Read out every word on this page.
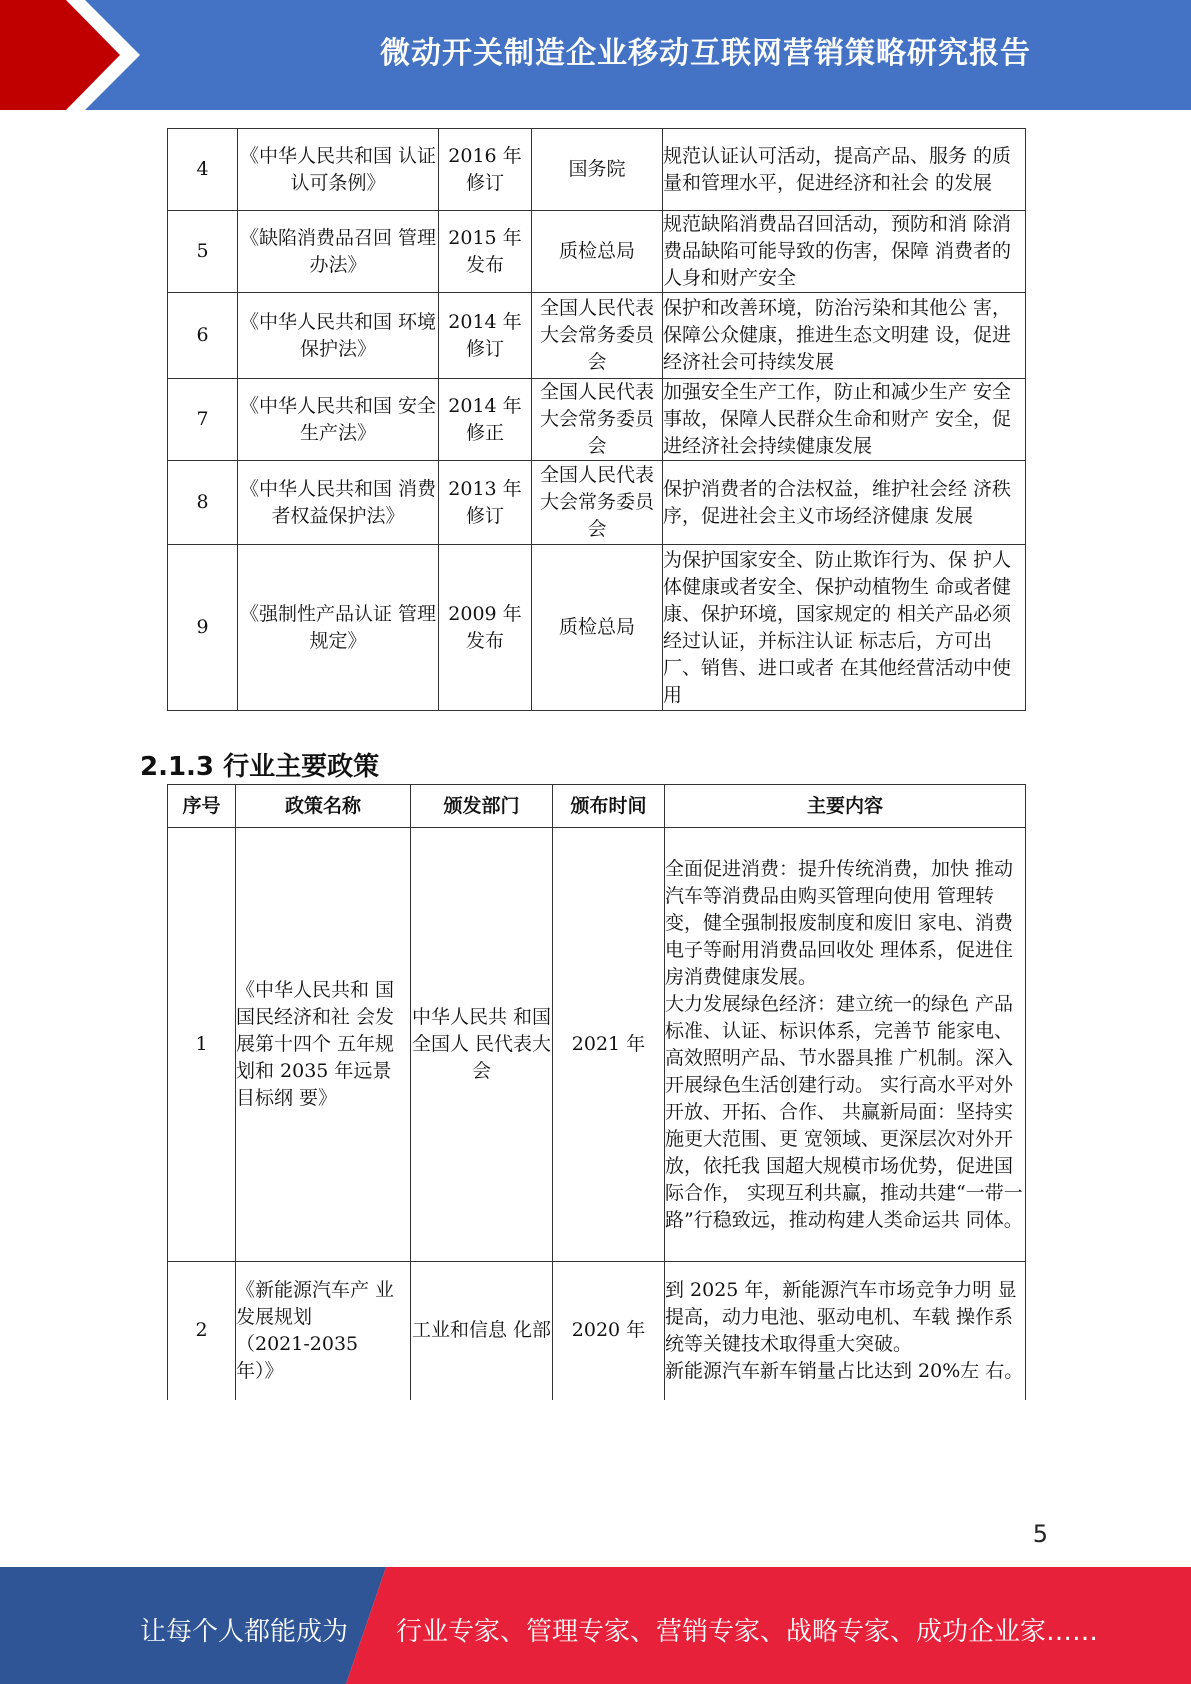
微动开关制造企业移动互联网营销策略研究报告
4	《中华人民共和国 认证认可条例》	2016 年修订	国务院	规范认证认可活动，提高产品、服务 的质量和管理水平，促进经济和社会 的发展
5	《缺陷消费品召回 管理办法》	2015 年发布	质检总局	规范缺陷消费品召回活动，预防和消 除消费品缺陷可能导致的伤害，保障 消费者的人身和财产安全
6	《中华人民共和国 环境保护法》	2014 年修订	全国人民代表大会常务委员会	保护和改善环境，防治污染和其他公 害，保障公众健康，推进生态文明建 设，促进经济社会可持续发展
7	《中华人民共和国 安全生产法》	2014 年修正	全国人民代表大会常务委员会	加强安全生产工作，防止和减少生产 安全事故，保障人民群众生命和财产 安全，促进经济社会持续健康发展
8	《中华人民共和国 消费者权益保护法》	2013 年修订	全国人民代表大会常务委员会	保护消费者的合法权益，维护社会经 济秩序，促进社会主义市场经济健康 发展
9	《强制性产品认证 管理规定》	2009 年发布	质检总局	为保护国家安全、防止欺诈行为、保 护人体健康或者安全、保护动植物生 命或者健康、保护环境，国家规定的 相关产品必须经过认证，并标注认证 标志后，方可出厂、销售、进口或者 在其他经营活动中使用
2.1.3 行业主要政策
序号	政策名称	颁发部门	颁布时间	主要内容
1	《中华人民共和 国国民经济和社 会发展第十四个 五年规划和 2035 年远景目标纲 要》	中华人民共 和国全国人 民代表大会	2021 年	全面促进消费：提升传统消费，加快 推动汽车等消费品由购买管理向使用 管理转变，健全强制报废制度和废旧 家电、消费电子等耐用消费品回收处 理体系，促进住房消费健康发展。
大力发展绿色经济：建立统一的绿色 产品标准、认证、标识体系，完善节 能家电、高效照明产品、节水器具推 广机制。深入开展绿色生活创建行动。 实行高水平对外开放、开拓、合作、 共赢新局面：坚持实施更大范围、更 宽领域、更深层次对外开放，依托我 国超大规模市场优势，促进国际合作， 实现互利共赢，推动共建“一带一
路”行稳致远，推动构建人类命运共 同体。
2	《新能源汽车产 业发展规划
（2021-2035
年）》	工业和信息 化部	2020 年	到 2025 年，新能源汽车市场竞争力明 显提高，动力电池、驱动电机、车载 操作系统等关键技术取得重大突破。
新能源汽车新车销量占比达到 20%左 右。
5
让每个人都能成为 行业专家、管理专家、营销专家、战略专家、成功企业家……
